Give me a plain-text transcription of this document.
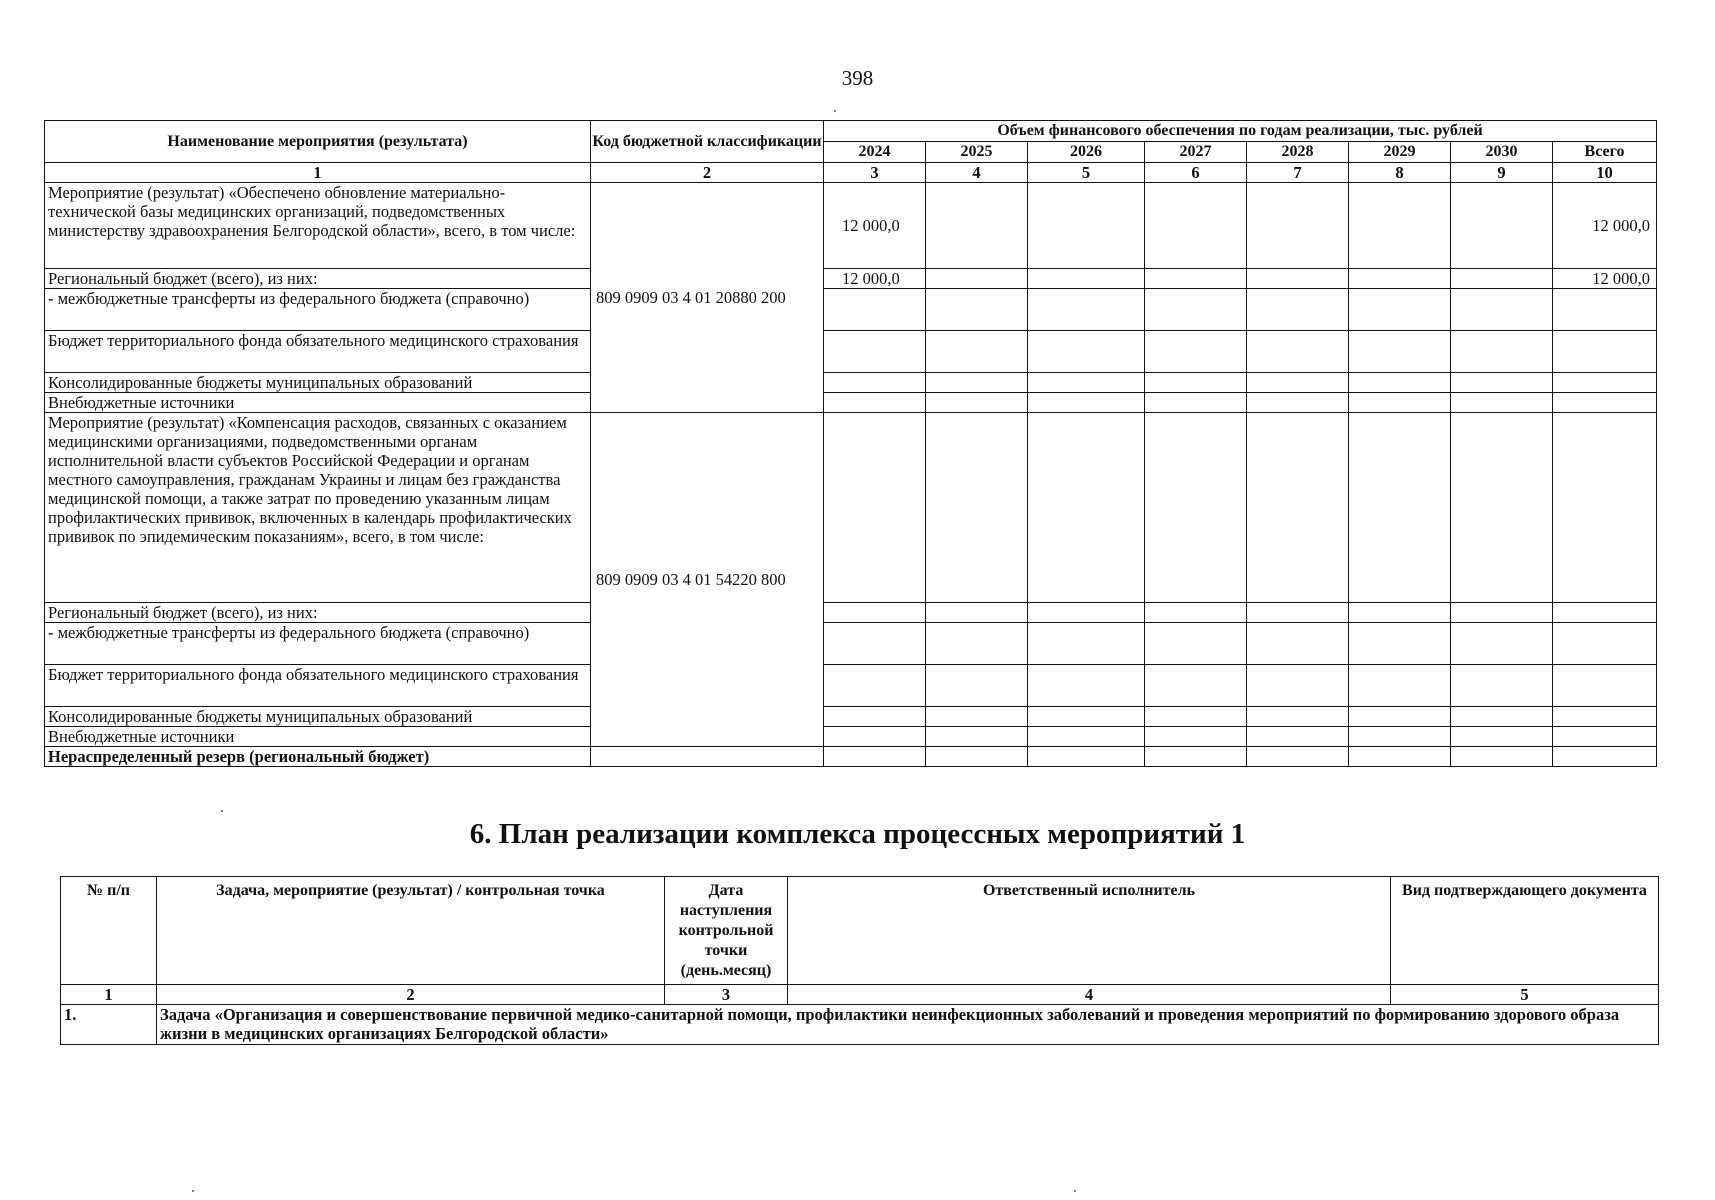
398
Наименование мероприятия (результата)	Код бюджетной классификации	Объем финансового обеспечения по годам реализации, тыс. рублей							
		2024	2025	2026	2027	2028	2029	2030	Всего
1	2	3	4	5	6	7	8	9	10
Мероприятие (результат) «Обеспечено обновление материально-технической базы медицинских организаций, подведомственных министерству здравоохранения Белгородской области», всего, в том числе:	809 0909 03 4 01 20880 200	12 000,0							12 000,0
Региональный бюджет (всего), из них:		12 000,0							12 000,0
- межбюджетные трансферты из федерального бюджета (справочно)									
Бюджет территориального фонда обязательного медицинского страхования									
Консолидированные бюджеты муниципальных образований									
Внебюджетные источники									
Мероприятие (результат) «Компенсация расходов, связанных с оказанием медицинскими организациями, подведомственными органам исполнительной власти субъектов Российской Федерации и органам местного самоуправления, гражданам Украины и лицам без гражданства медицинской помощи, а также затрат по проведению указанным лицам профилактических прививок, включенных в календарь профилактических прививок по эпидемическим показаниям», всего, в том числе:	809 0909 03 4 01 54220 800								
Региональный бюджет (всего), из них:									
- межбюджетные трансферты из федерального бюджета (справочно)									
Бюджет территориального фонда обязательного медицинского страхования									
Консолидированные бюджеты муниципальных образований									
Внебюджетные источники									
Нераспределенный резерв (региональный бюджет)									
6. План реализации комплекса процессных мероприятий 1
№ п/п	Задача, мероприятие (результат) / контрольная точка	Дата наступления контрольной точки (день.месяц)	Ответственный исполнитель	Вид подтверждающего документа
1	2	3	4	5
1.	Задача «Организация и совершенствование первичной медико-санитарной помощи, профилактики неинфекционных заболеваний и проведения мероприятий по формированию здорового образа жизни в медицинских организациях Белгородской области»			
